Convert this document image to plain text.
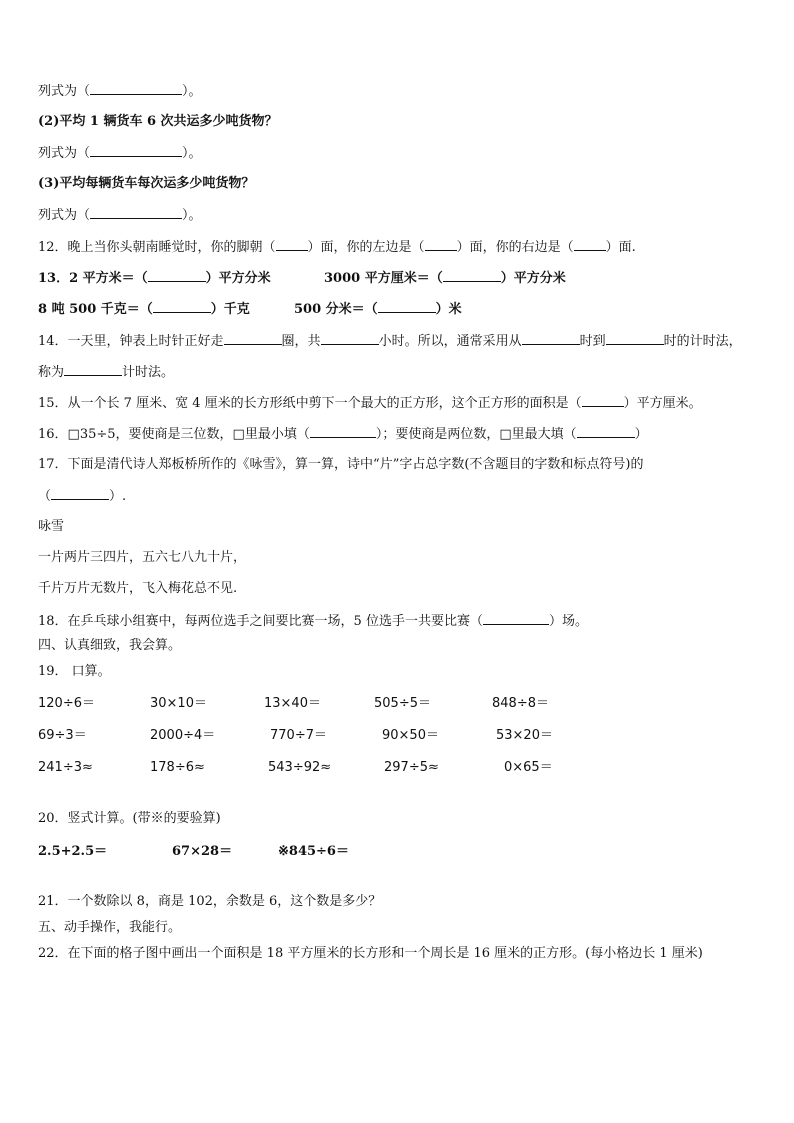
列式为（	）。
(2)平均 1 辆货车 6 次共运多少吨货物？
列式为（	）。
(3)平均每辆货车每次运多少吨货物？
列式为（	）。
12．晚上当你头朝南睡觉时，你的脚朝（ ）面，你的左边是（ ）面，你的右边是（ ）面.
13．2 平方米＝（	）平方分米	3000 平方厘米＝（	）平方分米
8 吨 500 千克＝（	）千克	500 分米＝（	）米
14．一天里，钟表上时针正好走	圈，共	小时。所以，通常采用从	时到	时的计时法，
称为	计时法。
15．从一个长 7 厘米、宽 4 厘米的长方形纸中剪下一个最大的正方形，这个正方形的面积是（	）平方厘米。
16．□35÷5，要使商是三位数，□里最小填（	）；要使商是两位数，□里最大填（	）
17．下面是清代诗人郑板桥所作的《咏雪》，算一算，诗中“片”字占总字数(不含题目的字数和标点符号)的
（	）.
咏雪
一片两片三四片，五六七八九十片，
千片万片无数片，飞入梅花总不见.
18．在乒乓球小组赛中，每两位选手之间要比赛一场，5 位选手一共要比赛（	）场。
四、认真细致，我会算。
19． 口算。
120÷6＝	30×10＝	13×40＝	505÷5＝	848÷8＝
69÷3＝	2000÷4＝	770÷7＝	90×50＝	53×20＝
241÷3≈	178÷6≈	543÷92≈	297÷5≈	0×65＝
20．竖式计算。(带※的要验算)
2.5+2.5＝	67×28＝	※845÷6＝
21．一个数除以 8，商是 102，余数是 6，这个数是多少？
五、动手操作，我能行。
22．在下面的格子图中画出一个面积是 18 平方厘米的长方形和一个周长是 16 厘米的正方形。(每小格边长 1 厘米)
